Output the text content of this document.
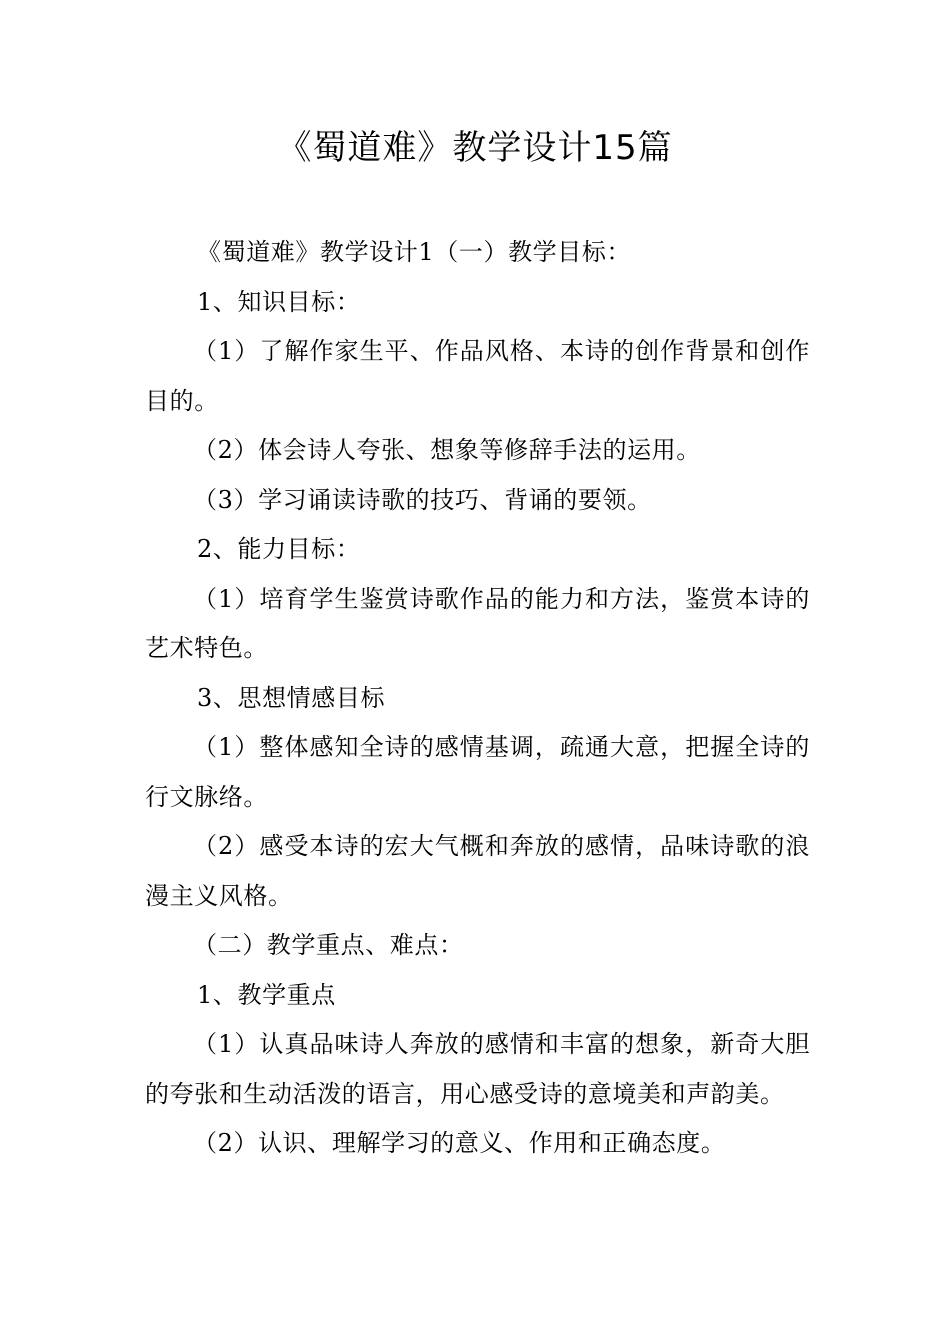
《蜀道难》教学设计15篇

《蜀道难》教学设计1（一）教学目标：

1、知识目标：

（1）了解作家生平、作品风格、本诗的创作背景和创作目的。

（2）体会诗人夸张、想象等修辞手法的运用。

（3）学习诵读诗歌的技巧、背诵的要领。

2、能力目标：

（1）培育学生鉴赏诗歌作品的能力和方法，鉴赏本诗的艺术特色。

3、思想情感目标

（1）整体感知全诗的感情基调，疏通大意，把握全诗的行文脉络。

（2）感受本诗的宏大气概和奔放的感情，品味诗歌的浪漫主义风格。

（二）教学重点、难点：

1、教学重点

（1）认真品味诗人奔放的感情和丰富的想象，新奇大胆的夸张和生动活泼的语言，用心感受诗的意境美和声韵美。

（2）认识、理解学习的意义、作用和正确态度。
